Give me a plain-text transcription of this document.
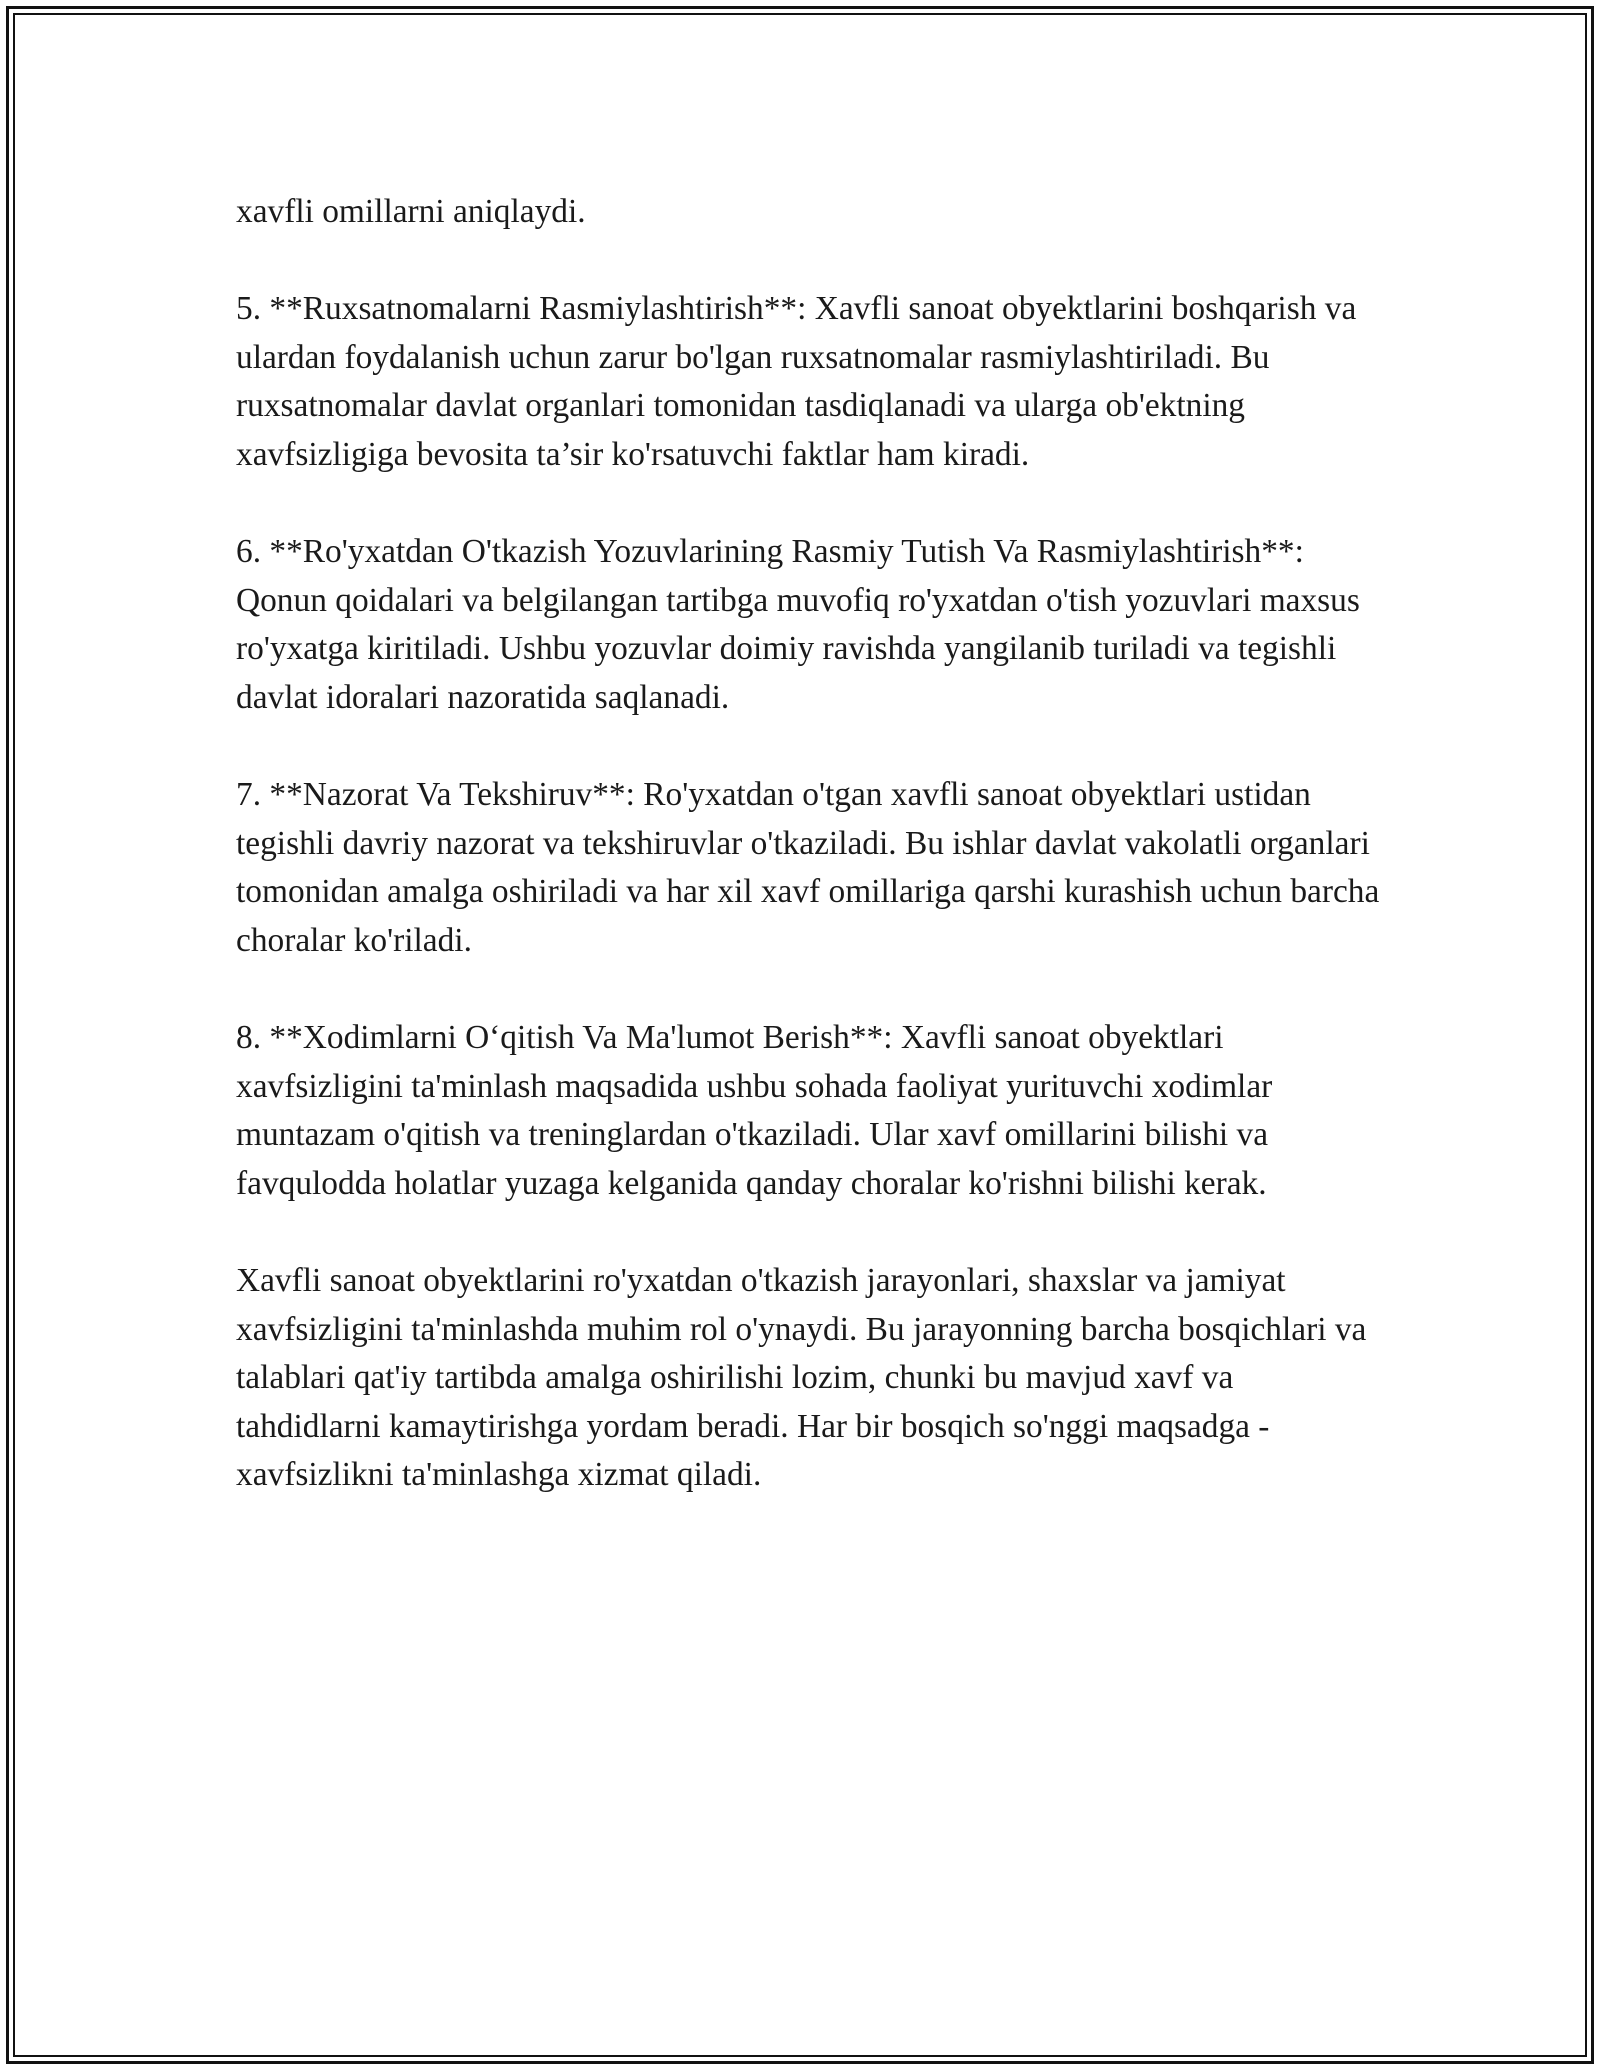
xavfli omillarni aniqlaydi.

5. **Ruxsatnomalarni Rasmiylashtirish**: Xavfli sanoat obyektlarini boshqarish va ulardan foydalanish uchun zarur bo'lgan ruxsatnomalar rasmiylashtiriladi. Bu ruxsatnomalar davlat organlari tomonidan tasdiqlanadi va ularga ob'ektning xavfsizligiga bevosita ta’sir ko'rsatuvchi faktlar ham kiradi.

6. **Ro'yxatdan O'tkazish Yozuvlarining Rasmiy Tutish Va Rasmiylashtirish**: Qonun qoidalari va belgilangan tartibga muvofiq ro'yxatdan o'tish yozuvlari maxsus ro'yxatga kiritiladi. Ushbu yozuvlar doimiy ravishda yangilanib turiladi va tegishli davlat idoralari nazoratida saqlanadi.

7. **Nazorat Va Tekshiruv**: Ro'yxatdan o'tgan xavfli sanoat obyektlari ustidan tegishli davriy nazorat va tekshiruvlar o'tkaziladi. Bu ishlar davlat vakolatli organlari tomonidan amalga oshiriladi va har xil xavf omillariga qarshi kurashish uchun barcha choralar ko'riladi.

8. **Xodimlarni O‘qitish Va Ma'lumot Berish**: Xavfli sanoat obyektlari xavfsizligini ta'minlash maqsadida ushbu sohada faoliyat yurituvchi xodimlar muntazam o'qitish va treninglardan o'tkaziladi. Ular xavf omillarini bilishi va favqulodda holatlar yuzaga kelganida qanday choralar ko'rishni bilishi kerak.

Xavfli sanoat obyektlarini ro'yxatdan o'tkazish jarayonlari, shaxslar va jamiyat xavfsizligini ta'minlashda muhim rol o'ynaydi. Bu jarayonning barcha bosqichlari va talablari qat'iy tartibda amalga oshirilishi lozim, chunki bu mavjud xavf va tahdidlarni kamaytirishga yordam beradi. Har bir bosqich so'nggi maqsadga - xavfsizlikni ta'minlashga xizmat qiladi.
